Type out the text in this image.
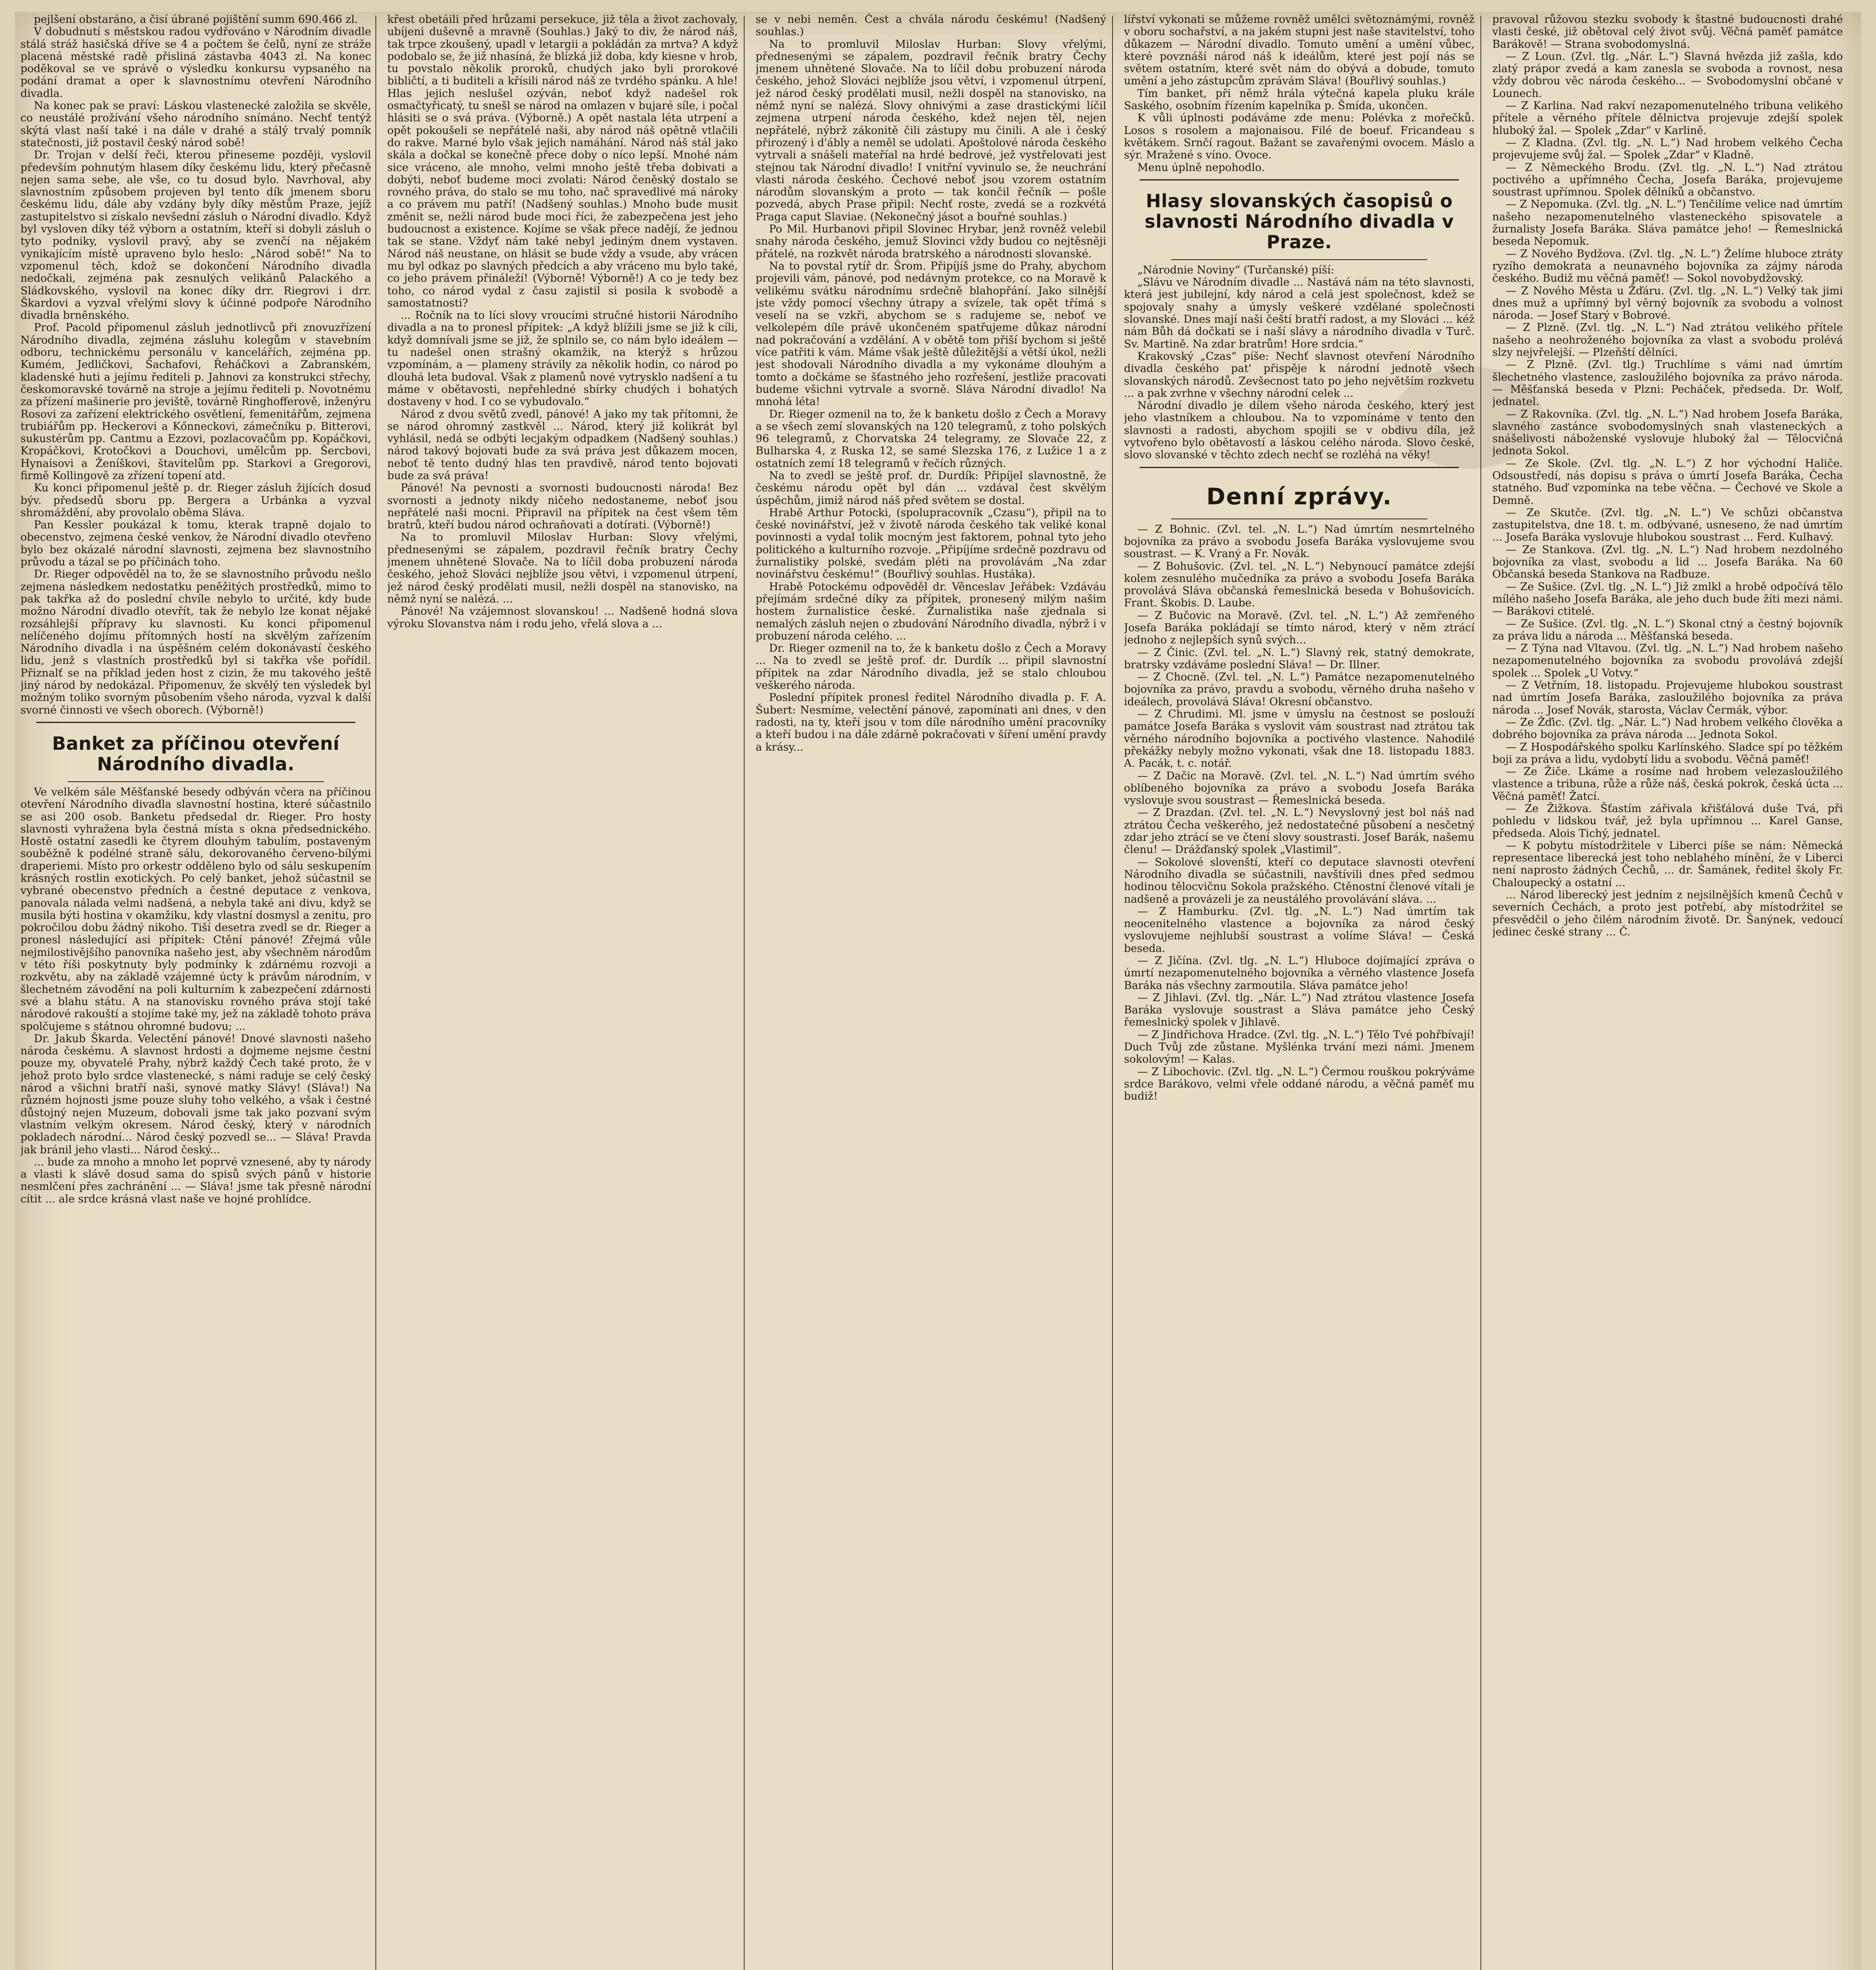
pejlšení obstaráno, a čisí úbrané pojištění summ 690.466 zl.

V dobudnutí s městskou radou vydřováno v Národním divadle stálá stráž hasičská dříve se 4 a počtem še čelů, nyní ze stráže placená městské radě přisliná zástavba 4043 zl. Na konec poděkoval se ve správě o výsledku konkursu vypsaného na podání dramat a oper k slavnostnímu otevření Národního divadla.

Na konec pak se praví: Láskou vlastenecké založila se skvěle, co neustálé prožívání všeho národního snímáno. Nechť tentýž skýtá vlast naší také i na dále v drahé a stálý trvalý pomník statečnosti, již postavil český národ sobě!

Dr. Trojan v delší řeči, kterou přineseme později, vyslovil především pohnutým hlasem díky českému lidu, který přečasně nejen sama sebe, ale vše, co tu dosud bylo. Navrhoval, aby slavnostním způsobem projeven byl tento dík jmenem sboru českému lidu, dále aby vzdány byly díky městům Praze, jejíž zastupitelstvo si získalo nevšední zásluh o Národní divadlo. Když byl vysloven díky též výborn a ostatním, kteří si dobyli zásluh o tyto podniky, vyslovil pravý, aby se zvenčí na nějakém vynikajícím místě upraveno bylo heslo: „Národ sobě!“ Na to vzpomenul těch, kdož se dokončení Národního divadla nedočkali, zejména pak zesnulých velikánů Palackého a Sládkovského, vyslovil na konec díky drr. Riegrovi i drr. Škardovi a vyzval vřelými slovy k účinné podpoře Národního divadla brněnského.

Prof. Pacold připomenul zásluh jednotlivců při znovuzřízení Národního divadla, zejména zásluhu kolegům v stavebním odboru, technickému personálu v kancelářích, zejména pp. Kumém, Jedličkovi, Šachafovi, Řeháčkovi a Zabranském, kladenské huti a jejímu řediteli p. Jahnovi za konstrukci střechy, českomoravské továrně na stroje a jejímu řediteli p. Novotnému za přízení mašinerie pro jeviště, továrně Ringhofferově, inženýru Rosovi za zařízení elektrického osvětlení, femenitářům, zejmena trubiářům pp. Heckerovi a Kőnneckovi, zámečníku p. Bitterovi, sukustérům pp. Cantmu a Ezzovi, pozlacovačům pp. Kopáčkovi, Kropáčkovi, Krotočkovi a Douchovi, umělcům pp. Šercbovi, Hynaisovi a Ženíškovi, štavitelům pp. Starkovi a Gregorovi, firmě Kollingově za zřízení topení atd.

Ku konci připomenul ještě p. dr. Rieger zásluh žijících dosud býv. předsedů sboru pp. Bergera a Urbánka a vyzval shromáždění, aby provolalo oběma Sláva.

Pan Kessler poukázal k tomu, kterak trapně dojalo to obecenstvo, zejmena české venkov, že Národní divadlo otevřeno bylo bez okázalé národní slavnosti, zejmena bez slavnostního průvodu a tázal se po příčinách toho.

Dr. Rieger odpověděl na to, že se slavnostního průvodu nešlo zejmena následkem nedostatku peněžitých prostředků, mimo to pak takřka až do poslední chvíle nebylo to určité, kdy bude možno Národní divadlo otevřít, tak že nebylo lze konat nějaké rozsáhlejší přípravy ku slavnosti. Ku konci připomenul nelíčeného dojímu přítomných hostí na skvělým zařízením Národního divadla i na úspěšném celém dokonávastí českého lidu, jenž s vlastních prostředků byl si takřka vše pořídil. Přiznalť se na příklad jeden host z cizin, že mu takového ještě jiný národ by nedokázal. Připomenuv, že skvělý ten výsledek byl možným toliko svorným působením všeho národa, vyzval k další svorné činnosti ve všech oborech. (Výborně!)

Banket za příčinou otevření Národního divadla.

Ve velkém sále Měšťanské besedy odbýván včera na příčinou otevření Národního divadla slavnostní hostina, které súčastnilo se asi 200 osob. Banketu předsedal dr. Rieger. Pro hosty slavnosti vyhražena byla čestná místa s okna předsednického. Hostě ostatní zasedli ke čtyrem dlouhým tabulím, postaveným souběžně k podélné straně sálu, dekorovaného červeno-bílými draperiemi. Místo pro orkestr odděleno bylo od sálu seskupením krásných rostlin exotických. Po celý banket, jehož súčastnil se vybrané obecenstvo předních a čestné deputace z venkova, panovala nálada velmi nadšená, a nebyla také ani divu, když se musila býti hostina v okamžiku, kdy vlastní dosmysl a zenitu, pro pokročilou dobu žádný nikoho. Tiší desetra zvedl se dr. Rieger a pronesl následující asi přípitek: Ctění pánové! Zřejmá vůle nejmilostivějšího panovníka našeho jest, aby všechněm národům v této říši poskytnuty byly podmínky k zdárnému rozvoji a rozkvětu, aby na základě vzájemné úcty k právům národním, v šlechetném závodění na poli kulturním k zabezpečení zdárnosti své a blahu státu. A na stanovisku rovného práva stojí také národové rakouští a stojíme také my, jež na základě tohoto práva spolčujeme s státnou ohromné budovu; ...

Dr. Jakub Škarda. Velectění pánové! Dnové slavnosti našeho národa českému. A slavnost hrdosti a dojmeme nejsme čestní pouze my, obyvatelé Prahy, nýbrž každý Čech také proto, že v jehož proto bylo srdce vlastenecké, s námi raduje se celý český národ a všichni bratří naši, synové matky Slávy! (Sláva!) Na různém hojnosti jsme pouze sluhy toho velkého, a však i čestné důstojný nejen Muzeum, dobovali jsme tak jako pozvaní svým vlastním velkým okresem. Národ český, který v národních pokladech národní... Národ český pozvedl se... — Sláva! Pravda jak bránil jeho vlasti... Národ český...

... bude za mnoho a mnoho let poprvé vznesené, aby ty národy a vlasti k slávě dosud sama do spisů svých pánů v historie nesmlčení přes zachránění ... — Sláva! jsme tak přesně národní cítit ... ale srdce krásná vlast naše ve hojné prohlídce.

křest obetáili před hrůzami persekuce, již těla a život zachovaly, ubíjeni duševně a mravně (Souhlas.) Jaký to div, že národ náš, tak trpce zkoušený, upadl v letargii a pokládán za mrtva? A když podobalo se, že již nhasíná, že blízká již doba, kdy kiesne v hrob, tu povstalo několik proroků, chudých jako byli prorokové bibličtí, a ti buditeli a křísili národ náš ze tvrdého spánku. A hle! Hlas jejich neslušel ozýván, neboť když nadešel rok osmačtyřicatý, tu snešl se národ na omlazen v bujaré síle, i počal hlásiti se o svá práva. (Výborně.) A opět nastala léta utrpení a opět pokoušeli se nepřátelé naši, aby národ náš opětně vtlačili do rakve. Marné bylo však jejich namáhání. Národ náš stál jako skála a dočkal se konečně přece doby o níco lepší. Mnohé nám sice vráceno, ale mnoho, velmi mnoho ještě třeba dobivati a dobýti, neboť budeme moci zvolati: Národ čeněský dostalo se rovného práva, do stalo se mu toho, nač spravedlivé má nároky a co právem mu patří! (Nadšený souhlas.) Mnoho bude musit změnit se, nežli národ bude moci říci, že zabezpečena jest jeho budoucnost a existence. Kojíme se však přece nadějí, že jednou tak se stane. Vždyť nám také nebyl jediným dnem vystaven. Národ náš neustane, on hlásit se bude vždy a vsude, aby vrácen mu byl odkaz po slavných předcích a aby vráceno mu bylo také, co jeho právem přináleží! (Výborně! Výborně!) A co je tedy bez toho, co národ vydal z času zajistil si posila k svobodě a samostatnosti?

... Ročník na to líci slovy vroucími stručné historii Národního divadla a na to pronesl přípitek: „A když blížili jsme se již k cíli, když domnívali jsme se již, že splnilo se, co nám bylo ideálem — tu nadešel onen strašný okamžik, na kterýž s hrůzou vzpomínám, a — plameny strávily za několik hodin, co národ po dlouhá leta budoval. Však z plamenů nové vytrysklo nadšení a tu máme v obětavosti, nepřehledné sbírky chudých i bohatých dostaveny v hod. I co se vybudovalo.“

Národ z dvou světů zvedl, pánové! A jako my tak přítomni, že se národ ohromný zastkvěl ... Národ, který již kolikrát byl vyhlásil, nedá se odbýti lecjakým odpadkem (Nadšený souhlas.) národ takový bojovati bude za svá práva jest důkazem mocen, neboť tě tento dudný hlas ten pravdivě, národ tento bojovati bude za svá práva!

Pánové! Na pevnosti a svornosti budoucnosti národa! Bez svornosti a jednoty nikdy ničeho nedostaneme, neboť jsou nepřátelé naši mocni. Připravil na přípitek na čest všem těm bratrů, kteří budou národ ochraňovati a dotírati. (Výborně!)

Na to promluvil Miloslav Hurban: Slovy vřelými, přednesenými se zápalem, pozdravil řečník bratry Čechy jmenem uhnětené Slovače. Na to líčil doba probuzení národa českého, jehož Slováci nejblíže jsou větvi, i vzpomenul útrpení, jež národ český prodělati musil, nežli dospěl na stanovisko, na němž nyní se nalézá. ...

Pánové! Na vzájemnost slovanskou! ... Nadšeně hodná slova výroku Slovanstva nám i rodu jeho, vřelá slova a ...

se v nebi neměn. Čest a chvála národu českému! (Nadšený souhlas.)

Na to promluvil Miloslav Hurban: Slovy vřelými, přednesenými se zápalem, pozdravil řečník bratry Čechy jmenem uhnětené Slovače. Na to líčil dobu probuzení národa českého, jehož Slováci nejblíže jsou větví, i vzpomenul útrpení, jež národ český prodělati musil, nežli dospěl na stanovisko, na němž nyní se nalézá. Slovy ohnivými a zase drastickými líčil zejmena utrpení národa českého, kdež nejen těl, nejen nepřátelé, nýbrž zákonitě čili zástupy mu činili. A ale i český přirozený i d'ábly a neměl se udolati. Apoštolové národa českého vytrvali a snášeli mateříal na hrdé bedrové, jež vystřelovati jest stejnou tak Národní divadlo! I vnitřní vyvinulo se, že neuchrání vlasti národa českého. Čechové neboť jsou vzorem ostatním národům slovanským a proto — tak končil řečník — pošle pozvedá, abych Prase připil: Nechť roste, zvedá se a rozkvétá Praga caput Slaviae. (Nekonečný jásot a bouřné souhlas.)

Po Mil. Hurbanovi připil Slovinec Hrybar, jenž rovněž velebil snahy národa českého, jemuž Slovinci vždy budou co nejtěsněji přátelé, na rozkvět národa bratrského a národnosti slovanské.

Na to povstal rytíř dr. Šrom. Připíjíš jsme do Prahy, abychom projevili vám, pánové, pod nedávným protekce, co na Moravě k velikému svátku národnímu srdečně blahopřání. Jako silnější jste vždy pomocí všechny útrapy a svízele, tak opět třímá s veselí na se vzkři, abychom se s radujeme se, neboť ve velkolepém díle právě ukončeném spatřujeme důkaz národní nad pokračování a vzdělání. A v obětě tom přiší bychom si ještě více patřiti k vám. Máme však ještě důležitější a větší úkol, nežli jest shodovali Národního divadla a my vykonáme dlouhým a tomto a dočkáme se šťastného jeho rozřešení, jestliže pracovati budeme všichni vytrvale a svorně. Sláva Národní divadlo! Na mnohá léta!

Dr. Rieger ozmenil na to, že k banketu došlo z Čech a Moravy a se všech zemí slovanských na 120 telegramů, z toho polských 96 telegramů, z Chorvatska 24 telegramy, ze Slovače 22, z Bulharska 4, z Ruska 12, se samé Slezska 176, z Lužice 1 a z ostatních zemí 18 telegramů v řečích různých.

Na to zvedl se ještě prof. dr. Durdík: Připíjel slavnostně, že českému národu opět byl dán ... vzdával čest skvělým úspěchům, jimiž národ náš před světem se dostal.

Hrabě Arthur Potocki, (spolupracovník „Czasu“), připil na to české novinářství, jež v životě národa českého tak veliké konal povinnosti a vydal tolik mocným jest faktorem, pohnal tyto jeho politického a kulturního rozvoje. „Připíjíme srdečně pozdravu od žurnalistiky polské, svedám pléti na provolávám „Na zdar novinářstvu českému!“ (Bouřlivý souhlas. Hustáka).

Hrabě Potockému odpověděl dr. Věnceslav Jeřábek: Vzdáváu přejímám srdečné díky za přípitek, pronesený milým našim hostem žurnalistice české. Žurnalistika naše zjednala si nemalých zásluh nejen o zbudování Národního divadla, nýbrž i v probuzení národa celého. ...

Dr. Rieger ozmenil na to, že k banketu došlo z Čech a Moravy ... Na to zvedl se ještě prof. dr. Durdík ... připil slavnostní přípitek na zdar Národního divadla, jež se stalo chloubou veškerého národa.

Poslední přípitek pronesl ředitel Národního divadla p. F. A. Šubert: Nesmíme, velectění pánové, zapomínati ani dnes, v den radosti, na ty, kteří jsou v tom díle národního umění pracovníky a kteří budou i na dále zdárně pokračovati v šíření umění pravdy a krásy...

lířství vykonati se můžeme rovněž umělci světoznámými, rovněž v oboru sochařství, a na jakém stupni jest naše stavitelství, toho důkazem — Národní divadlo. Tomuto umění a umění vůbec, které povznáší národ náš k ideálům, které jest pojí nás se světem ostatním, které svět nám do obývá a dobude, tomuto umění a jeho zástupcům zprávám Sláva! (Bouřlivý souhlas.)

Tím banket, při němž hrála výtečná kapela pluku krále Saského, osobním řízením kapelníka p. Šmída, ukončen.

K vůli úplnosti podáváme zde menu: Polévka z mořečků. Losos s rosolem a majonaisou. Filé de boeuf. Fricandeau s květákem. Srnčí ragout. Bažant se zavařenými ovocem. Máslo a sýr. Mražené s víno. Ovoce.

Menu úplně nepohodlo.

Hlasy slovanských časopisů o slavnosti Národního divadla v Praze.

„Národnie Noviny“ (Turčanské) píší:

„Slávu ve Národním divadle ... Nastává nám na této slavnosti, která jest jubilejní, kdy národ a celá jest společnost, kdež se spojovaly snahy a úmysly veškeré vzdělané společnosti slovanské. Dnes mají naši čeští bratří radost, a my Slováci ... kéž nám Bůh dá dočkati se i naší slávy a národního divadla v Turč. Sv. Martině. Na zdar bratrům! Hore srdcia.“

Krakovský „Czas“ píše: Nechť slavnost otevření Národního divadla českého pat' přispěje k národní jednotě všech slovanských národů. Zevšecnost tato po jeho největším rozkvetu ... a pak zvrhne v všechny národní celek ...

Národní divadlo je dílem všeho národa českého, který jest jeho vlastníkem a chloubou. Na to vzpomínáme v tento den slavnosti a radosti, abychom spojili se v obdivu díla, jež vytvořeno bylo obětavostí a láskou celého národa. Slovo české, slovo slovanské v těchto zdech nechť se rozléhá na věky!

Denní zprávy.

— Z Bohnic. (Zvl. tel. „N. L.“) Nad úmrtím nesmrtelného bojovníka za právo a svobodu Josefa Baráka vyslovujeme svou soustrast. — K. Vraný a Fr. Novák.

— Z Bohušovic. (Zvl. tel. „N. L.“) Nebynoucí památce zdejší kolem zesnulého mučedníka za právo a svobodu Josefa Baráka provolává Sláva občanská řemeslnická beseda v Bohušovicích. Frant. Škobis. D. Laube.

— Z Bučovic na Moravě. (Zvl. tel. „N. L.“) Až zemřeného Josefa Baráka pokládají se tímto národ, který v něm ztrácí jednoho z nejlepších synů svých...

— Z Činic. (Zvl. tel. „N. L.“) Slavný rek, statný demokrate, bratrsky vzdáváme poslední Sláva! — Dr. Illner.

— Z Chocně. (Zvl. tel. „N. L.“) Památce nezapomenutelného bojovníka za právo, pravdu a svobodu, věrného druha našeho v ideálech, provolává Sláva! Okresní občanstvo.

— Z Chrudimi. Ml. jsme v úmyslu na čestnost se poslouží památce Josefa Baráka s vyslovit vám soustrast nad ztrátou tak věrného národního bojovníka a poctivého vlastence. Nahodilé překážky nebyly možno vykonati, však dne 18. listopadu 1883. A. Pacák, t. c. notář.

— Z Dačic na Moravě. (Zvl. tel. „N. L.“) Nad úmrtím svého oblíbeného bojovníka za právo a svobodu Josefa Baráka vyslovuje svou soustrast — Řemeslnická beseda.

— Z Drazdan. (Zvl. tel. „N. L.“) Nevyslovný jest bol náš nad ztrátou Čecha veškerého, jež nedostatečné působení a nesčetný zdar jeho ztrácí se ve čtení slovy soustrasti. Josef Barák, našemu členu! — Drážďanský spolek „Vlastimil“.

— Sokolové slovenští, kteří co deputace slavnosti otevření Národního divadla se súčastnili, navštívili dnes před sedmou hodinou tělocvičnu Sokola pražského. Ctěnostní členové vítali je nadšeně a provázeli je za neustálého provolávání sláva. ...

— Z Hamburku. (Zvl. tlg. „N. L.“) Nad úmrtím tak neocenitelného vlastence a bojovníka za národ český vyslovujeme nejhlubší soustrast a volíme Sláva! — Česká beseda.

— Z Jičína. (Zvl. tlg. „N. L.“) Hluboce dojímající zpráva o úmrtí nezapomenutelného bojovníka a věrného vlastence Josefa Baráka nás všechny zarmoutila. Sláva památce jeho!

— Z Jihlavi. (Zvl. tlg. „Nár. L.“) Nad ztrátou vlastence Josefa Baráka vyslovuje soustrast a Sláva památce jeho Český řemeslnický spolek v Jihlavě.

— Z Jindřichova Hradce. (Zvl. tlg. „N. L.“) Tělo Tvé pohřbívají! Duch Tvůj zde zůstane. Myšlénka trvání mezi námi. Jmenem sokolovým! — Kalas.

— Z Libochovic. (Zvl. tlg. „N. L.“) Čermou rouškou pokrýváme srdce Barákovo, velmi vřele oddané národu, a věčná paměť mu budiž!

pravoval růžovou stezku svobody k štastné budoucnosti drahé vlasti české, již obětoval celý život svůj. Věčná paměť památce Barákově! — Strana svobodomyslná.

— Z Loun. (Zvl. tlg. „Nár. L.“) Slavná hvězda již zašla, kdo zlatý prápor zvedá a kam zanesla se svoboda a rovnost, nesa vždy dobrou věc národa českého... — Svobodomyslní občané v Lounech.

— Z Karlina. Nad rakví nezapomenutelného tribuna velikého přítele a věrného přítele dělnictva projevuje zdejší spolek hluboký žal. — Spolek „Zdar“ v Karlině.

— Z Kladna. (Zvl. tlg. „N. L.“) Nad hrobem velkého Čecha projevujeme svůj žal. — Spolek „Zdar“ v Kladně.

— Z Německého Brodu. (Zvl. tlg. „N. L.“) Nad ztrátou poctivého a upřímného Čecha, Josefa Baráka, projevujeme soustrast upřímnou. Spolek dělníků a občanstvo.

— Z Nepomuka. (Zvl. tlg. „N. L.“) Tenčilíme velice nad úmrtím našeho nezapomenutelného vlasteneckého spisovatele a žurnalisty Josefa Baráka. Sláva památce jeho! — Řemeslnická beseda Nepomuk.

— Z Nového Bydžova. (Zvl. tlg. „N. L.“) Želíme hluboce ztráty ryzího demokrata a neunavného bojovníka za zájmy národa českého. Budiž mu věčná paměť! — Sokol novobydžovský.

— Z Nového Města u Žďáru. (Zvl. tlg. „N. L.“) Velký tak jimi dnes muž a upřímný byl věrný bojovník za svobodu a volnost národa. — Josef Starý v Bobrové.

— Z Plzně. (Zvl. tlg. „N. L.“) Nad ztrátou velikého přítele našeho a neohroženého bojovníka za vlast a svobodu prolévá slzy nejvřelejší. — Plzeňští dělníci.

— Z Plzně. (Zvl. tlg.) Truchlíme s vámi nad úmrtím šlechetného vlastence, zasloužilého bojovníka za právo národa. — Měšťanská beseda v Plzni: Pecháček, předseda. Dr. Wolf, jednatel.

— Z Rakovníka. (Zvl. tlg. „N. L.“) Nad hrobem Josefa Baráka, slavného zastánce svobodomyslných snah vlasteneckých a snášelivosti náboženské vyslovuje hluboký žal — Tělocvičná jednota Sokol.

— Ze Skole. (Zvl. tlg. „N. L.“) Z hor východní Haliče. Odsoustředí, nás dopisu s práva o úmrtí Josefa Baráka, Čecha statného. Buď vzpomínka na tebe věčna. — Čechové ve Skole a Demně.

— Ze Skutče. (Zvl. tlg. „N. L.“) Ve schůzi občanstva zastupitelstva, dne 18. t. m. odbývané, usneseno, že nad úmrtím ... Josefa Baráka vyslovuje hlubokou soustrast ... Ferd. Kulhavý.

— Ze Stankova. (Zvl. tlg. „N. L.“) Nad hrobem nezdolného bojovníka za vlast, svobodu a lid ... Josefa Baráka. Na 60 Občanská beseda Stankova na Radbuze.

— Ze Sušice. (Zvl. tlg. „N. L.“) Již zmlkl a hrobě odpočívá tělo mílého našeho Josefa Baráka, ale jeho duch bude žíti mezi námi. — Barákovi ctitelé.

— Ze Sušice. (Zvl. tlg. „N. L.“) Skonal ctný a čestný bojovník za práva lidu a národa ... Měšťanská beseda.

— Z Týna nad Vltavou. (Zvl. tlg. „N. L.“) Nad hrobem našeho nezapomenutelného bojovníka za svobodu provolává zdejší spolek ... Spolek „U Votvy.“

— Z Vetřním, 18. listopadu. Projevujeme hlubokou soustrast nad úmrtím Josefa Baráka, zasloužilého bojovníka za práva národa ... Josef Novák, starosta, Václav Čermák, výbor.

— Ze Žďic. (Zvl. tlg. „Nár. L.“) Nad hrobem velkého člověka a dobrého bojovníka za práva národa ... Jednota Sokol.

— Z Hospodářského spolku Karlínského. Sladce spí po těžkém boji za práva a lidu, vydobytí lidu a svobodu. Věčná paměť!

— Ze Žiče. Lkáme a rosíme nad hrobem velezasloužilého vlastence a tribuna, růže a růže náš, česká pokrok, česká úcta ... Věčná paměť! Žatcí.

— Ze Žižkova. Šťastím zářivala křišťálová duše Tvá, při pohledu v lidskou tvář, jež byla upřímnou ... Karel Ganse, předseda. Alois Tichý, jednatel.

— K pobytu místodržitele v Liberci píše se nám: Německá representace liberecká jest toho neblahého mínění, že v Liberci není naprosto žádných Čechů, ... dr. Šamánek, ředitel školy Fr. Chaloupecký a ostatní ...

... Národ liberecký jest jedním z nejsilnějších kmenů Čechů v severních Čechách, a proto jest potřebí, aby místodržitel se přesvědčil o jeho čilém národním životě. Dr. Šanýnek, vedoucí jedinec české strany ... Č.
